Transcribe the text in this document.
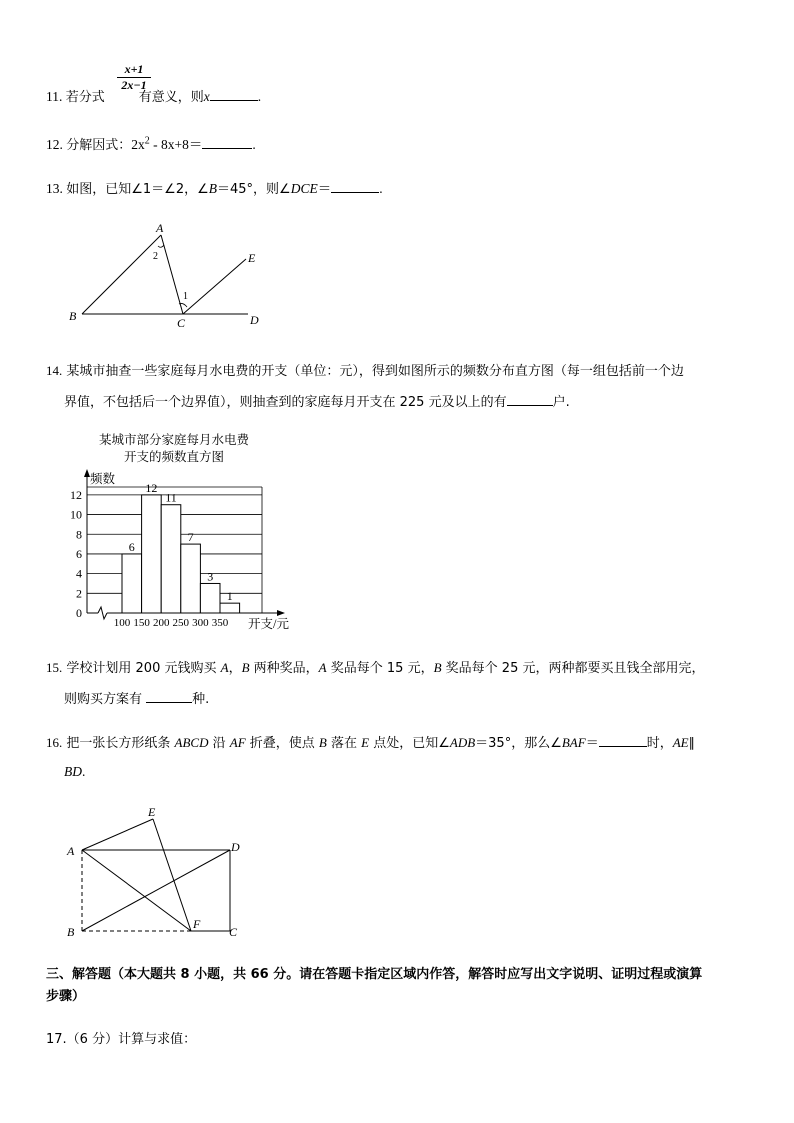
11. 若分式	有意义，则x	.
$\frac{x+1}{2x-1}$
12. 分解因式：$2x^2 - 8x+8=$	.
13. 如图，已知∠1＝∠2，∠B＝45°，则∠DCE＝	.
A
B	C	D
E
1
2
14. 某城市抽查一些家庭每月水电费的开支（单位：元），得到如图所示的频数分布直方图（每一组包括前一个边
界值，不包括后一个边界值），则抽查到的家庭每月开支在 225 元及以上的有	户.
某城市部分家庭每月水电费
开支的频数直方图
6
12
11
7
3
1
0
2
4
6
8
10
12
100 150 200 250 300 350
频数
开支/元
15. 学校计划用 200 元钱购买 A，B 两种奖品，A 奖品每个 15 元，B 奖品每个 25 元，两种都要买且钱全部用完，
则购买方案有	种.
16. 把一张长方形纸条 ABCD 沿 AF 折叠，使点 B 落在 E 点处，已知∠ADB＝35°，那么∠BAF＝	时，AE∥
BD.
A
B	C
D
E
F
三、解答题（本大题共 8 小题，共 66 分。请在答题卡指定区域内作答，解答时应写出文字说明、证明过程或演算
步骤）
17.（6 分）计算与求值：
